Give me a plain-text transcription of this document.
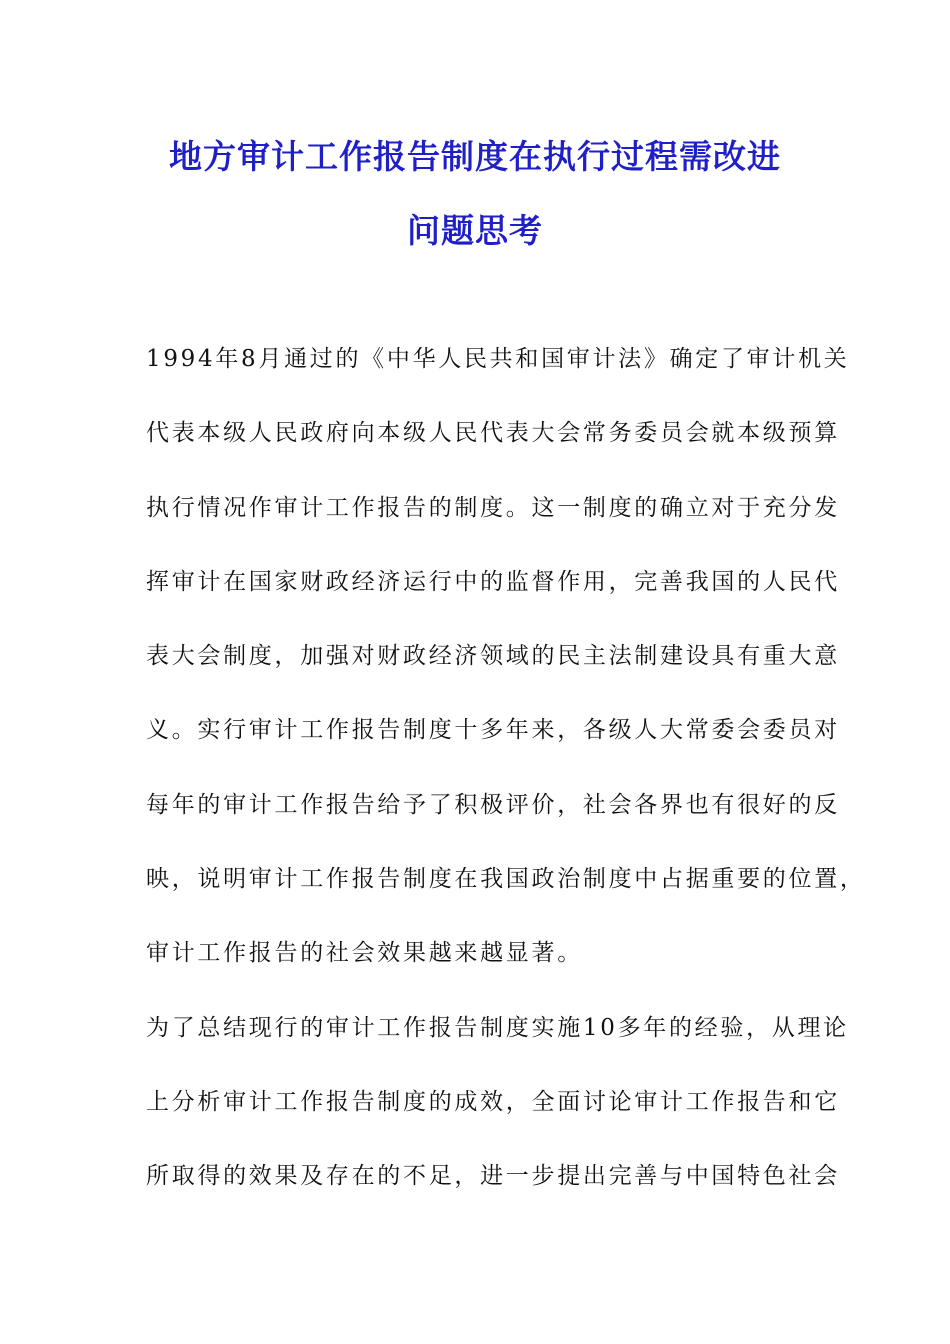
地方审计工作报告制度在执行过程需改进
问题思考
1994年8月通过的《中华人民共和国审计法》确定了审计机关
代表本级人民政府向本级人民代表大会常务委员会就本级预算
执行情况作审计工作报告的制度。这一制度的确立对于充分发
挥审计在国家财政经济运行中的监督作用，完善我国的人民代
表大会制度，加强对财政经济领域的民主法制建设具有重大意
义。实行审计工作报告制度十多年来，各级人大常委会委员对
每年的审计工作报告给予了积极评价，社会各界也有很好的反
映，说明审计工作报告制度在我国政治制度中占据重要的位置，
审计工作报告的社会效果越来越显著。
为了总结现行的审计工作报告制度实施10多年的经验，从理论
上分析审计工作报告制度的成效，全面讨论审计工作报告和它
所取得的效果及存在的不足，进一步提出完善与中国特色社会
